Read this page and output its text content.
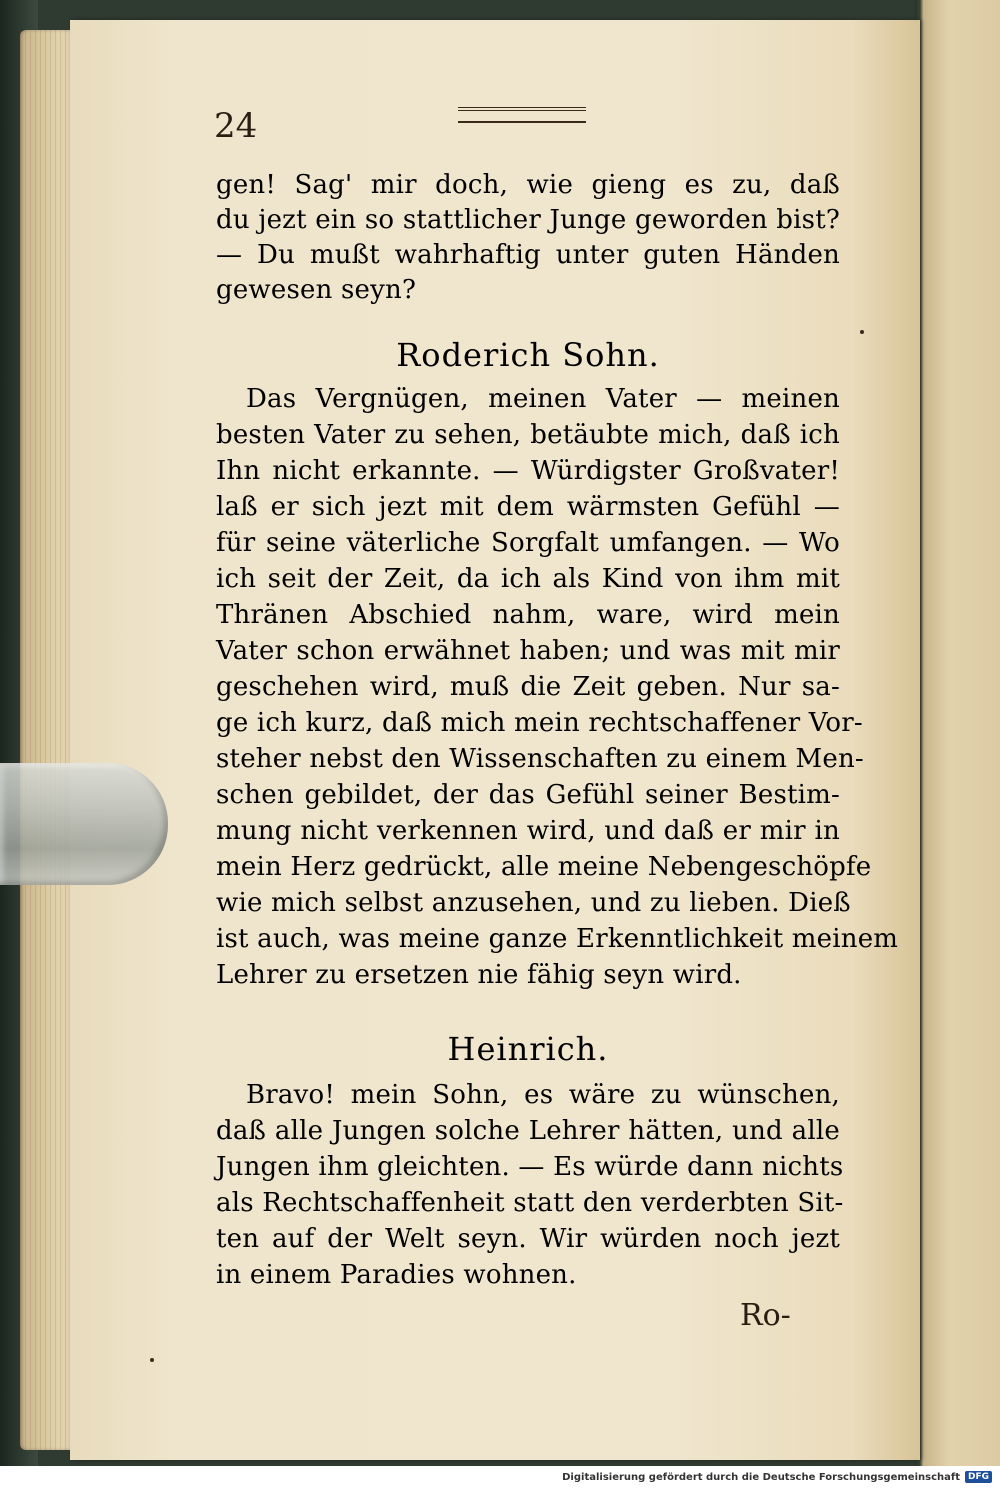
24
gen! Sag' mir doch, wie gieng es zu, daß
du jezt ein so stattlicher Junge geworden bist?
— Du mußt wahrhaftig unter guten Händen
gewesen seyn?
Roderich Sohn.
Das Vergnügen, meinen Vater — meinen
besten Vater zu sehen, betäubte mich, daß ich
Ihn nicht erkannte. — Würdigster Großvater!
laß er sich jezt mit dem wärmsten Gefühl —
für seine väterliche Sorgfalt umfangen. — Wo
ich seit der Zeit, da ich als Kind von ihm mit
Thränen Abschied nahm, ware, wird mein
Vater schon erwähnet haben; und was mit mir
geschehen wird, muß die Zeit geben. Nur sa-
ge ich kurz, daß mich mein rechtschaffener Vor-
steher nebst den Wissenschaften zu einem Men-
schen gebildet, der das Gefühl seiner Bestim-
mung nicht verkennen wird, und daß er mir in
mein Herz gedrückt, alle meine Nebengeschöpfe
wie mich selbst anzusehen, und zu lieben. Dieß
ist auch, was meine ganze Erkenntlichkeit meinem
Lehrer zu ersetzen nie fähig seyn wird.
Heinrich.
Bravo! mein Sohn, es wäre zu wünschen,
daß alle Jungen solche Lehrer hätten, und alle
Jungen ihm gleichten. — Es würde dann nichts
als Rechtschaffenheit statt den verderbten Sit-
ten auf der Welt seyn. Wir würden noch jezt
in einem Paradies wohnen.
Ro-
Digitalisierung gefördert durch die Deutsche Forschungsgemeinschaft DFG
